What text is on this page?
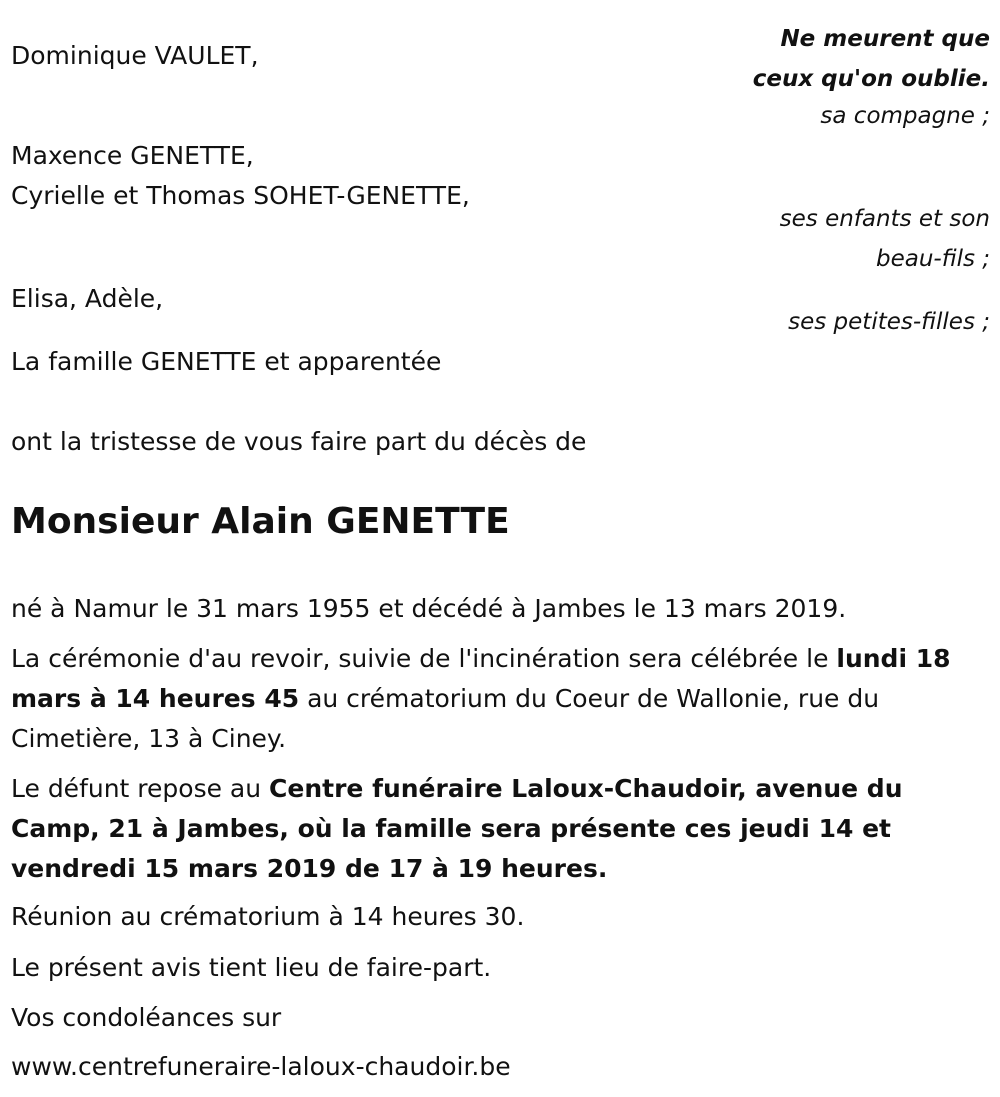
Ne meurent que
ceux qu'on oublie.
sa compagne ;
ses enfants et son
beau-fils ;
ses petites-filles ;
Dominique VAULET,
Maxence GENETTE,
Cyrielle et Thomas SOHET-GENETTE,
Elisa, Adèle,
La famille GENETTE et apparentée
ont la tristesse de vous faire part du décès de
Monsieur Alain GENETTE
né à Namur le 31 mars 1955 et décédé à Jambes le 13 mars 2019.
La cérémonie d'au revoir, suivie de l'incinération sera célébrée le lundi 18 mars à 14 heures 45 au crématorium du Coeur de Wallonie, rue du Cimetière, 13 à Ciney.
Le défunt repose au Centre funéraire Laloux-Chaudoir, avenue du Camp, 21 à Jambes, où la famille sera présente ces jeudi 14 et vendredi 15 mars 2019 de 17 à 19 heures.
Réunion au crématorium à 14 heures 30.
Le présent avis tient lieu de faire-part.
Vos condoléances sur
www.centrefuneraire-laloux-chaudoir.be
